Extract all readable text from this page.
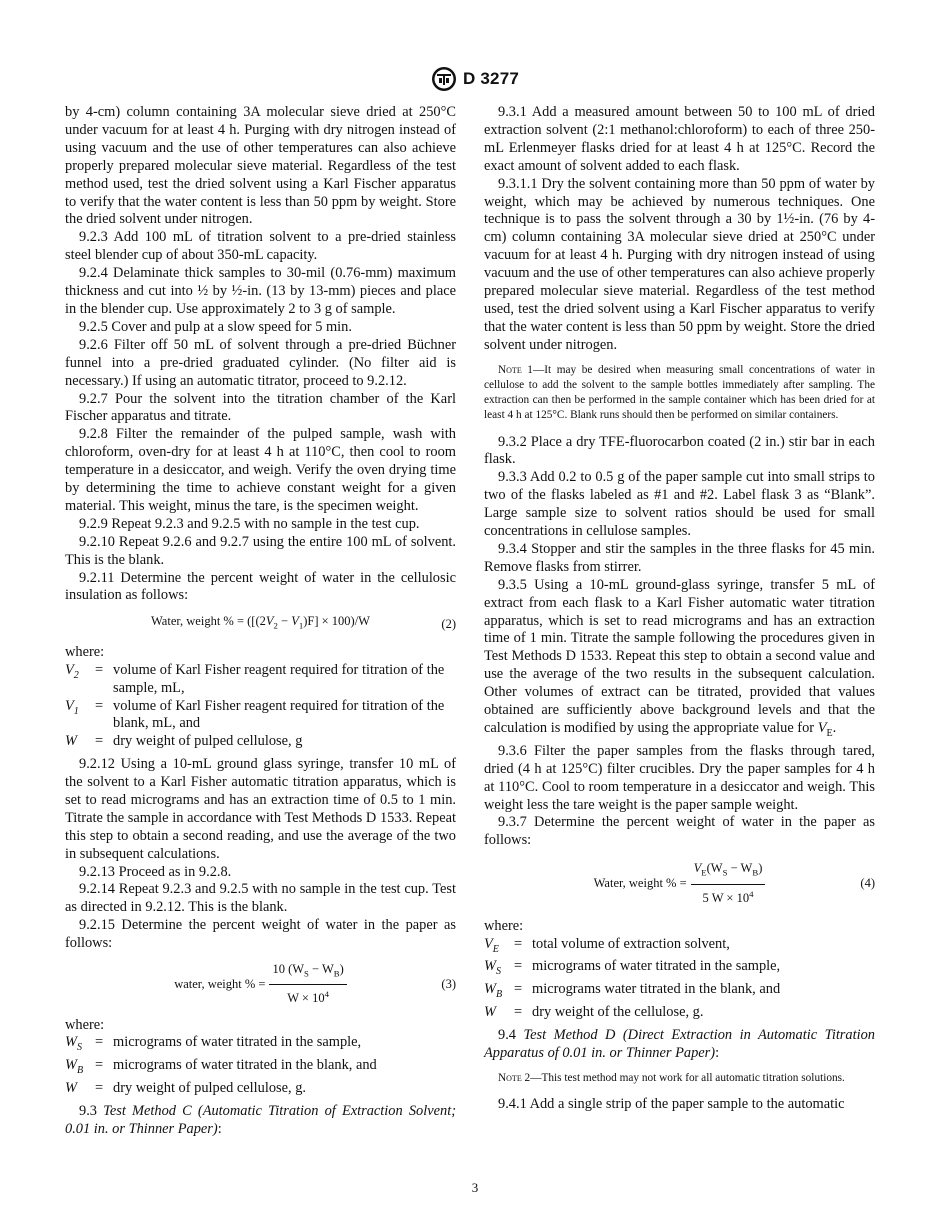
D 3277

by 4-cm) column containing 3A molecular sieve dried at 250°C under vacuum for at least 4 h. Purging with dry nitrogen instead of using vacuum and the use of other temperatures can also achieve properly prepared molecular sieve material. Regardless of the test method used, test the dried solvent using a Karl Fischer apparatus to verify that the water content is less than 50 ppm by weight. Store the dried solvent under nitrogen.

9.2.3 Add 100 mL of titration solvent to a pre-dried stainless steel blender cup of about 350-mL capacity.

9.2.4 Delaminate thick samples to 30-mil (0.76-mm) maximum thickness and cut into ½ by ½-in. (13 by 13-mm) pieces and place in the blender cup. Use approximately 2 to 3 g of sample.

9.2.5 Cover and pulp at a slow speed for 5 min.

9.2.6 Filter off 50 mL of solvent through a pre-dried Büchner funnel into a pre-dried graduated cylinder. (No filter aid is necessary.) If using an automatic titrator, proceed to 9.2.12.

9.2.7 Pour the solvent into the titration chamber of the Karl Fischer apparatus and titrate.

9.2.8 Filter the remainder of the pulped sample, wash with chloroform, oven-dry for at least 4 h at 110°C, then cool to room temperature in a desiccator, and weigh. Verify the oven drying time by determining the time to achieve constant weight for a given material. This weight, minus the tare, is the specimen weight.

9.2.9 Repeat 9.2.3 and 9.2.5 with no sample in the test cup.

9.2.10 Repeat 9.2.6 and 9.2.7 using the entire 100 mL of solvent. This is the blank.

9.2.11 Determine the percent weight of water in the cellulosic insulation as follows:

Water, weight % = $([(2V_2 - V_1)F] \times 100)/W$	(2)
where:
$V_2$	= volume of Karl Fisher reagent required for titration of the sample, mL,
$V_1$	= volume of Karl Fisher reagent required for titration of the blank, mL, and
W	= dry weight of pulped cellulose, g

9.2.12 Using a 10-mL ground glass syringe, transfer 10 mL of the solvent to a Karl Fisher automatic titration apparatus, which is set to read micrograms and has an extraction time of 0.5 to 1 min. Titrate the sample in accordance with Test Methods D 1533. Repeat this step to obtain a second reading, and use the average of the two in subsequent calculations.

9.2.13 Proceed as in 9.2.8.

9.2.14 Repeat 9.2.3 and 9.2.5 with no sample in the test cup. Test as directed in 9.2.12. This is the blank.

9.2.15 Determine the percent weight of water in the paper as follows:

water, weight % = $\frac{10 (W_S - W_B)}{W \times 10^4}$	(3)
where:
$W_S$ = micrograms of water titrated in the sample,
$W_B$ = micrograms of water titrated in the blank, and
W	= dry weight of pulped cellulose, g.

9.3 Test Method C (Automatic Titration of Extraction Solvent; 0.01 in. or Thinner Paper):

9.3.1 Add a measured amount between 50 to 100 mL of dried extraction solvent (2:1 methanol:chloroform) to each of three 250-mL Erlenmeyer flasks dried for at least 4 h at 125°C. Record the exact amount of solvent added to each flask.

9.3.1.1 Dry the solvent containing more than 50 ppm of water by weight, which may be achieved by numerous techniques. One technique is to pass the solvent through a 30 by 1½-in. (76 by 4-cm) column containing 3A molecular sieve dried at 250°C under vacuum for at least 4 h. Purging with dry nitrogen instead of using vacuum and the use of other temperatures can also achieve properly prepared molecular sieve material. Regardless of the test method used, test the dried solvent using a Karl Fischer apparatus to verify that the water content is less than 50 ppm by weight. Store the dried solvent under nitrogen.

Note 1—It may be desired when measuring small concentrations of water in cellulose to add the solvent to the sample bottles immediately after sampling. The extraction can then be performed in the sample container which has been dried for at least 4 h at 125°C. Blank runs should then be performed on similar containers.

9.3.2 Place a dry TFE-fluorocarbon coated (2 in.) stir bar in each flask.

9.3.3 Add 0.2 to 0.5 g of the paper sample cut into small strips to two of the flasks labeled as #1 and #2. Label flask 3 as “Blank”. Large sample size to solvent ratios should be used for small concentrations in cellulose samples.

9.3.4 Stopper and stir the samples in the three flasks for 45 min. Remove flasks from stirrer.

9.3.5 Using a 10-mL ground-glass syringe, transfer 5 mL of extract from each flask to a Karl Fisher automatic water titration apparatus, which is set to read micrograms and has an extraction time of 1 min. Titrate the sample following the procedures given in Test Methods D 1533. Repeat this step to obtain a second value and use the average of the two results in the subsequent calculation. Other volumes of extract can be titrated, provided that values obtained are sufficiently above background levels and that the calculation is modified by using the appropriate value for $V_E$.

9.3.6 Filter the paper samples from the flasks through tared, dried (4 h at 125°C) filter crucibles. Dry the paper samples for 4 h at 110°C. Cool to room temperature in a desiccator and weigh. This weight less the tare weight is the paper sample weight.

9.3.7 Determine the percent weight of water in the paper as follows:

Water, weight % = $\frac{V_E(W_S - W_B)}{5 W \times 10^4}$	(4)
where:
$V_E$	= total volume of extraction solvent,
$W_S$ = micrograms of water titrated in the sample,
$W_B$ = micrograms water titrated in the blank, and
W	= dry weight of the cellulose, g.

9.4 Test Method D (Direct Extraction in Automatic Titration Apparatus of 0.01 in. or Thinner Paper):

Note 2—This test method may not work for all automatic titration solutions.

9.4.1 Add a single strip of the paper sample to the automatic

3
